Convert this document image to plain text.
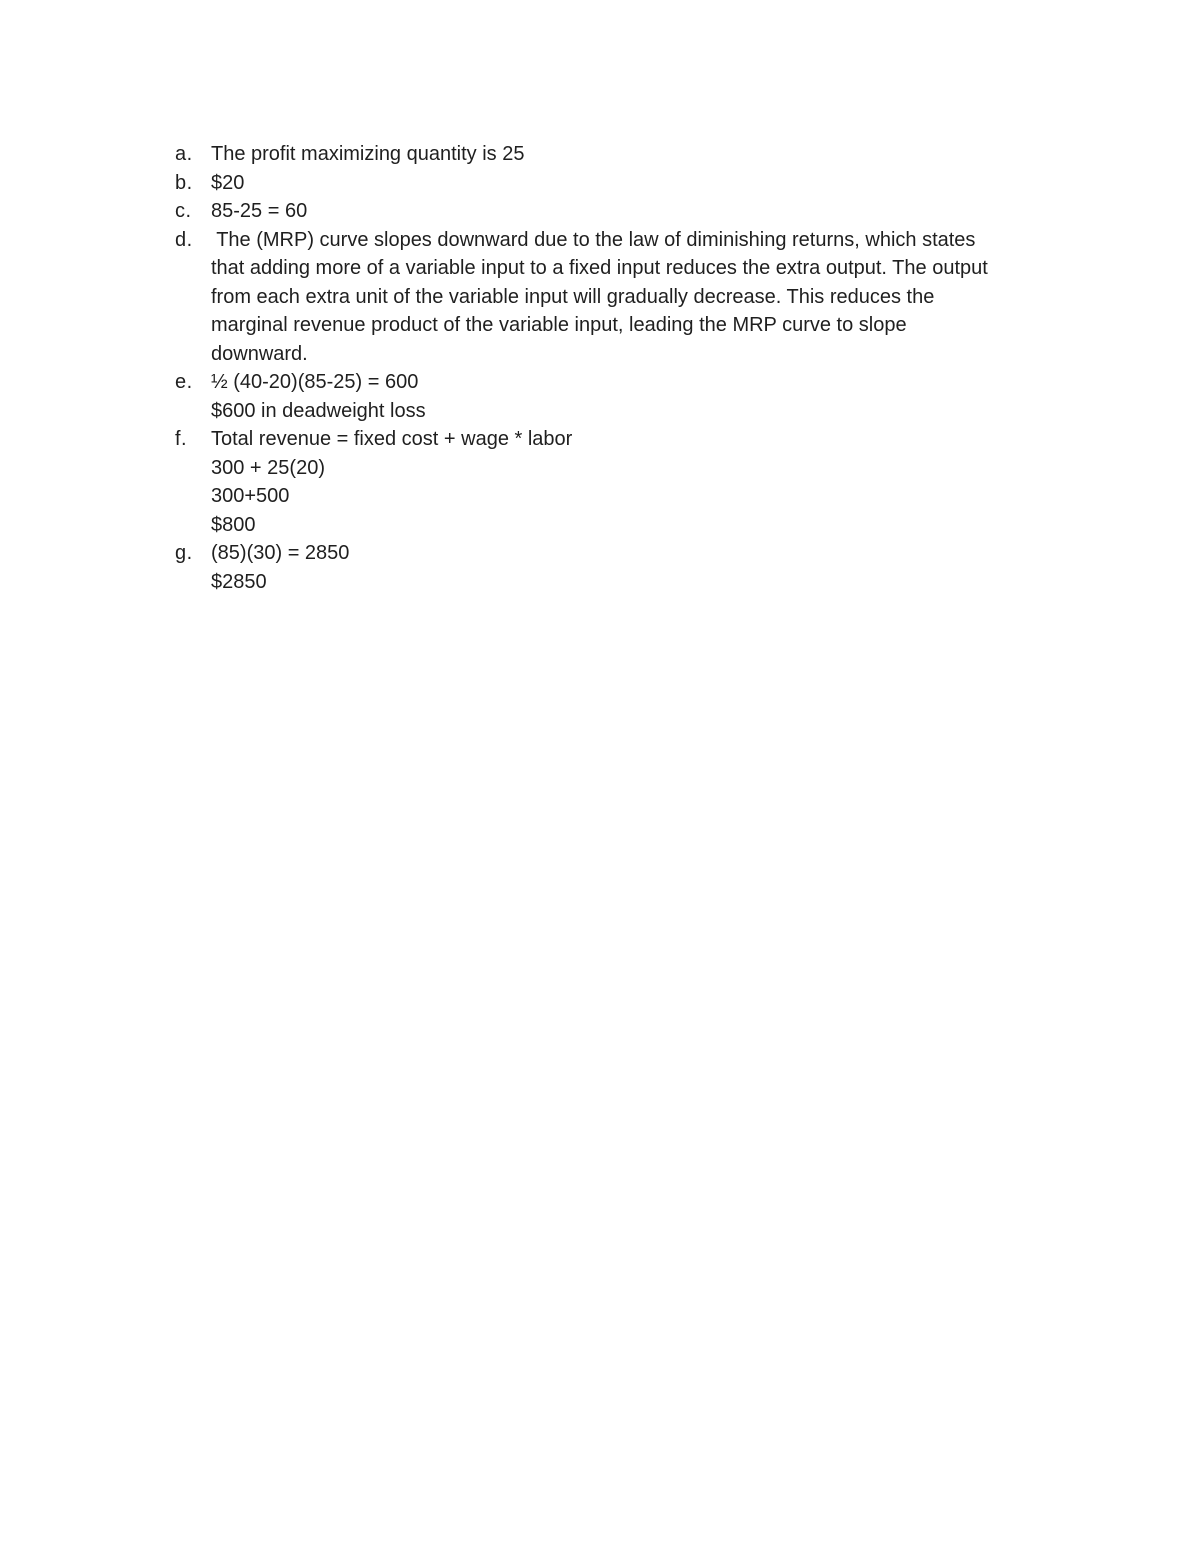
a. The profit maximizing quantity is 25
b. $20
c. 85-25 = 60
d. The (MRP) curve slopes downward due to the law of diminishing returns, which states
that adding more of a variable input to a fixed input reduces the extra output. The output
from each extra unit of the variable input will gradually decrease. This reduces the
marginal revenue product of the variable input, leading the MRP curve to slope
downward.
e. ½ (40-20)(85-25) = 600
$600 in deadweight loss
f.	Total revenue = fixed cost + wage * labor
300 + 25(20)
300+500
$800
g. (85)(30) = 2850
$2850
